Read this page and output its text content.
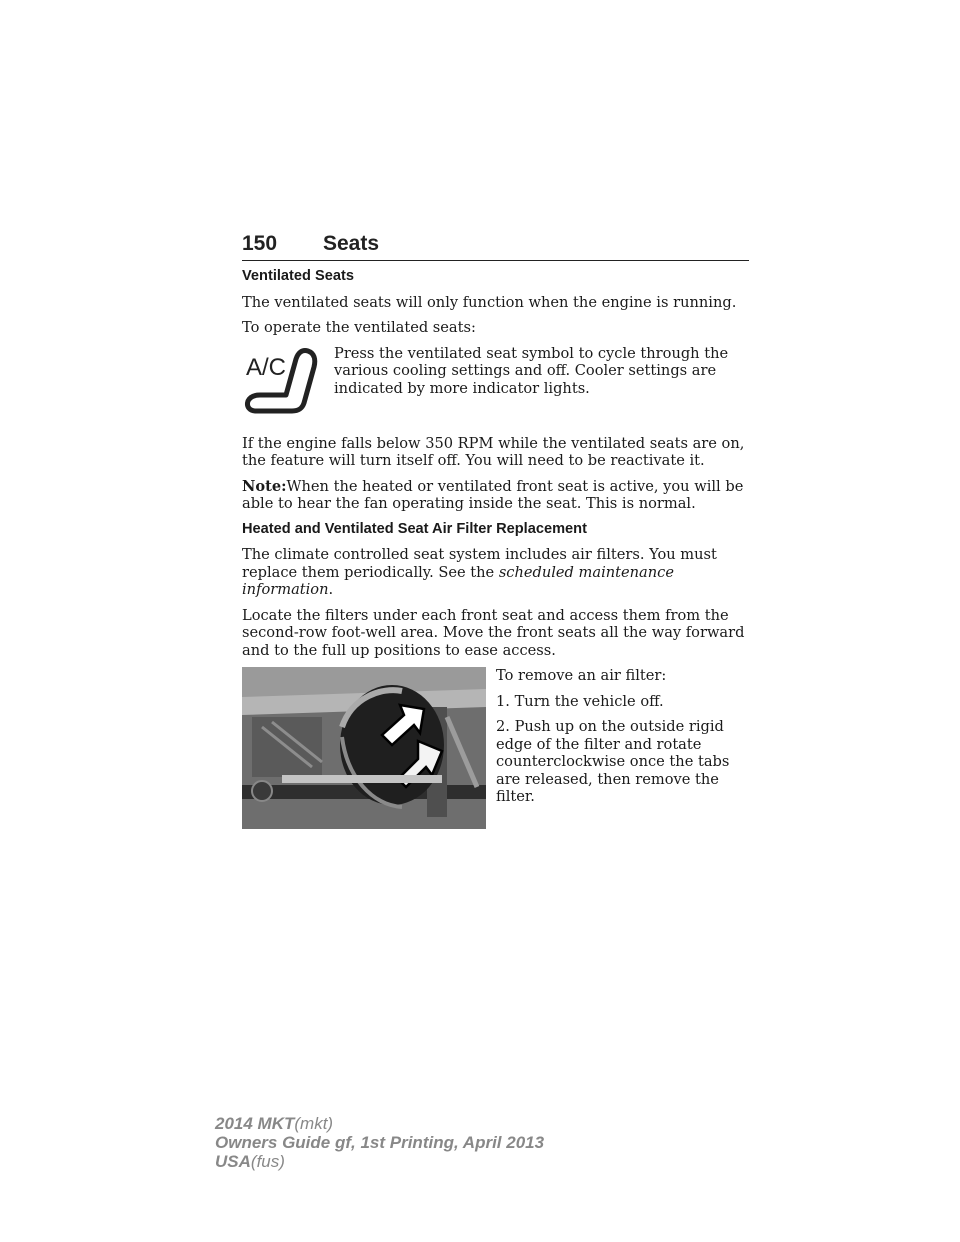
150 Seats
Ventilated Seats

The ventilated seats will only function when the engine is running.

To operate the ventilated seats:

A/C
Press the ventilated seat symbol to cycle through the various cooling settings and off. Cooler settings are indicated by more indicator lights.

If the engine falls below 350 RPM while the ventilated seats are on, the feature will turn itself off. You will need to be reactivate it.

Note:When the heated or ventilated front seat is active, you will be able to hear the fan operating inside the seat. This is normal.

Heated and Ventilated Seat Air Filter Replacement

The climate controlled seat system includes air filters. You must replace them periodically. See the scheduled maintenance information.

Locate the filters under each front seat and access them from the second-row foot-well area. Move the front seats all the way forward and to the full up positions to ease access.

To remove an air filter:

1. Turn the vehicle off.

2. Push up on the outside rigid edge of the filter and rotate counterclockwise once the tabs are released, then remove the filter.

2014 MKT(mkt)
Owners Guide gf, 1st Printing, April 2013
USA(fus)
